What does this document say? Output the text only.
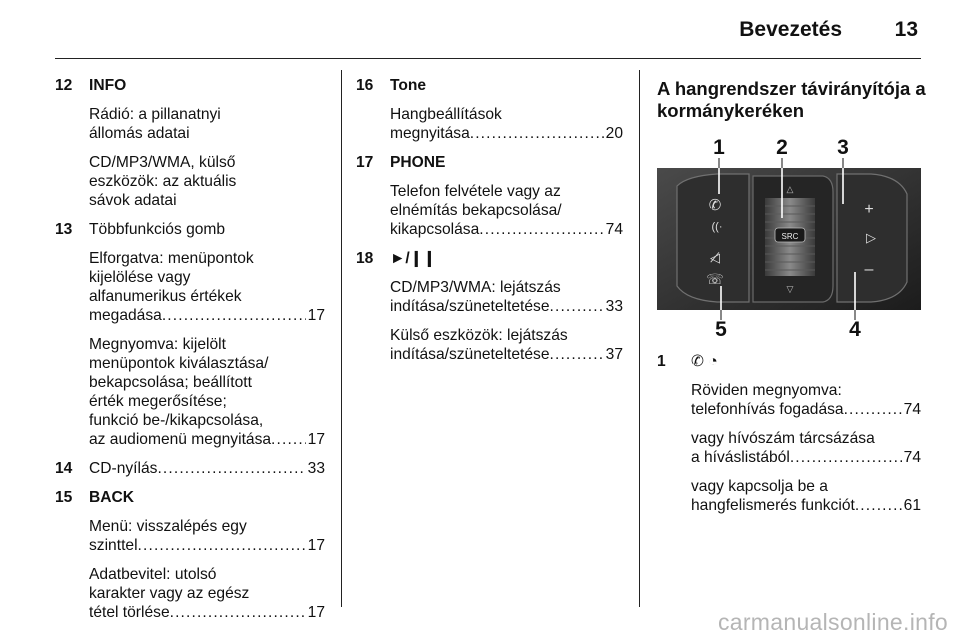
Bevezetés	13
12 INFO
Rádió: a pillanatnyi
állomás adatai
CD/MP3/WMA, külső
eszközök: az aktuális
sávok adatai
13 Többfunkciós gomb
Elforgatva: menüpontok
kijelölése vagy
alfanumerikus értékek
megadása . . .	17
Megnyomva: kijelölt
menüpontok kiválasztása/
bekapcsolása; beállított
érték megerősítése;
funkció be-/kikapcsolása,
az audiomenü megnyitása . . . 17
14 CD-nyílás . . .	33
15 BACK
Menü: visszalépés egy
szinttel . . .	17
Adatbevitel: utolsó
karakter vagy az egész
tétel törlése . . .	17
16 Tone
Hangbeállítások
megnyitása . . .	20
17 PHONE
Telefon felvétele vagy az
elnémítás bekapcsolása/
kikapcsolása . . .	74
18 ►/❙❙
CD/MP3/WMA: lejátszás
indítása/szüneteltetése . . .	33
Külső eszközök: lejátszás
indítása/szüneteltetése . . .	37
A hangrendszer távirányítója a
kormánykeréken
SRC
△
▽
✆
((·
◁̸
☏
+
▷
–
1 2 3
4
5
1 ✆ ◔
Röviden megnyomva:
telefonhívás fogadása . . .	74
vagy hívószám tárcsázása
a híváslistából . . .	74
vagy kapcsolja be a
hangfelismerés funkciót . . .	61
carmanualsonline.info
